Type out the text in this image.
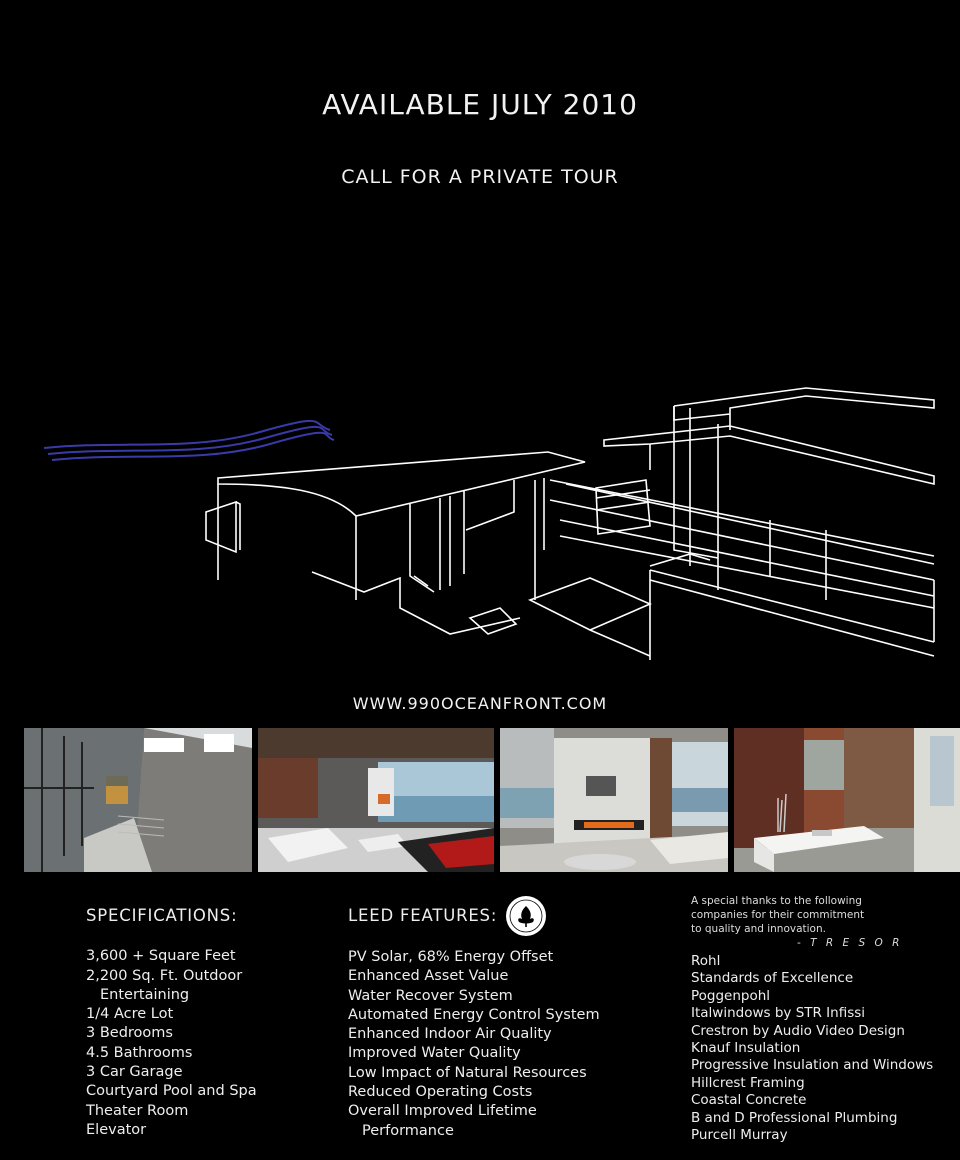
AVAILABLE JULY 2010
CALL FOR A PRIVATE TOUR
WWW.990OCEANFRONT.COM
SPECIFICATIONS:
3,600 + Square Feet
2,200 Sq. Ft. Outdoor
Entertaining
1/4 Acre Lot
3 Bedrooms
4.5 Bathrooms
3 Car Garage
Courtyard Pool and Spa
Theater Room
Elevator
LEED FEATURES:
PV Solar, 68% Energy Offset
Enhanced Asset Value
Water Recover System
Automated Energy Control System
Enhanced Indoor Air Quality
Improved Water Quality
Low Impact of Natural Resources
Reduced Operating Costs
Overall Improved Lifetime
Performance
A special thanks to the following
companies for their commitment
to quality and innovation.
- T R E S O R
Rohl
Standards of Excellence
Poggenpohl
Italwindows by STR Infissi
Crestron by Audio Video Design
Knauf Insulation
Progressive Insulation and Windows
Hillcrest Framing
Coastal Concrete
B and D Professional Plumbing
Purcell Murray
